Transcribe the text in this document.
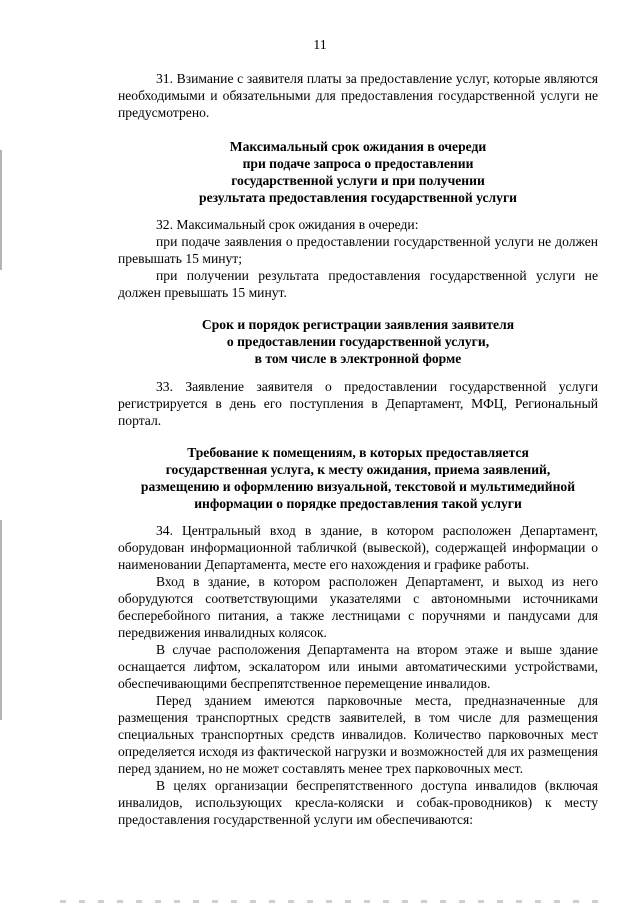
11

31. Взимание с заявителя платы за предоставление услуг, которые являются необходимыми и обязательными для предоставления государственной услуги не предусмотрено.

Максимальный срок ожидания в очереди
при подаче запроса о предоставлении
государственной услуги и при получении
результата предоставления государственной услуги

32. Максимальный срок ожидания в очереди:

при подаче заявления о предоставлении государственной услуги не должен превышать 15 минут;

при получении результата предоставления государственной услуги не должен превышать 15 минут.

Срок и порядок регистрации заявления заявителя
о предоставлении государственной услуги,
в том числе в электронной форме

33. Заявление заявителя о предоставлении государственной услуги регистрируется в день его поступления в Департамент, МФЦ, Региональный портал.

Требование к помещениям, в которых предоставляется
государственная услуга, к месту ожидания, приема заявлений,
размещению и оформлению визуальной, текстовой и мультимедийной
информации о порядке предоставления такой услуги

34. Центральный вход в здание, в котором расположен Департамент, оборудован информационной табличкой (вывеской), содержащей информации о наименовании Департамента, месте его нахождения и графике работы.

Вход в здание, в котором расположен Департамент, и выход из него оборудуются соответствующими указателями с автономными источниками бесперебойного питания, а также лестницами с поручнями и пандусами для передвижения инвалидных колясок.

В случае расположения Департамента на втором этаже и выше здание оснащается лифтом, эскалатором или иными автоматическими устройствами, обеспечивающими беспрепятственное перемещение инвалидов.

Перед зданием имеются парковочные места, предназначенные для размещения транспортных средств заявителей, в том числе для размещения специальных транспортных средств инвалидов. Количество парковочных мест определяется исходя из фактической нагрузки и возможностей для их размещения перед зданием, но не может составлять менее трех парковочных мест.

В целях организации беспрепятственного доступа инвалидов (включая инвалидов, использующих кресла-коляски и собак-проводников) к месту предоставления государственной услуги им обеспечиваются:
